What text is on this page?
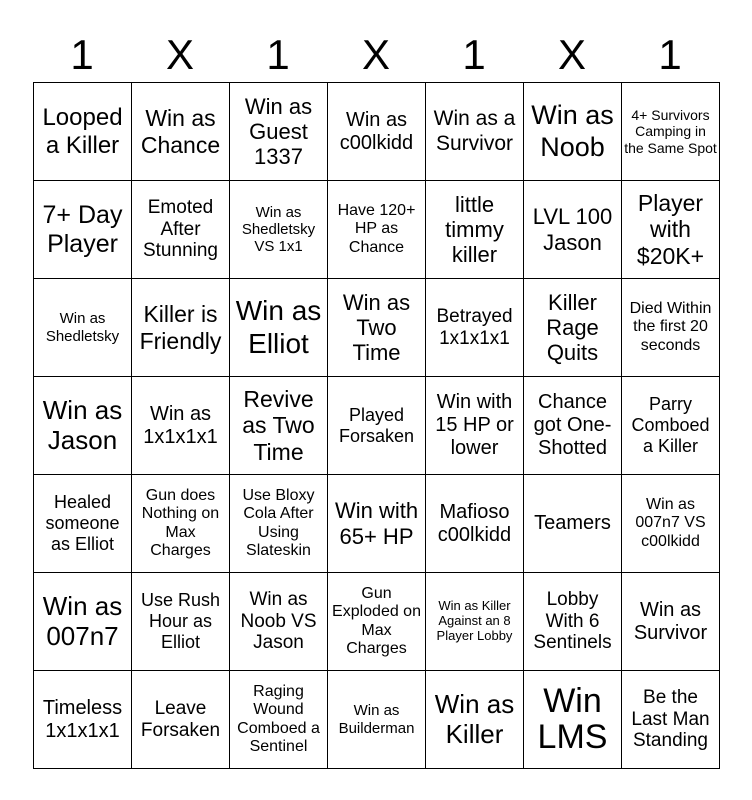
1	X	1	X	1	X	1
Looped a Killer
Win as Chance
Win as Guest 1337
Win as c00lkidd
Win as a Survivor
Win as Noob
4+ Survivors Camping in the Same Spot
7+ Day Player
Emoted After Stunning
Win as Shedletsky VS 1x1
Have 120+ HP as Chance
little timmy killer
LVL 100 Jason
Player with $20K+
Win as Shedletsky
Killer is Friendly
Win as Elliot
Win as Two Time
Betrayed 1x1x1x1
Killer Rage Quits
Died Within the first 20 seconds
Win as Jason
Win as 1x1x1x1
Revive as Two Time
Played Forsaken
Win with 15 HP or lower
Chance got One-Shotted
Parry Comboed a Killer
Healed someone as Elliot
Gun does Nothing on Max Charges
Use Bloxy Cola After Using Slateskin
Win with 65+ HP
Mafioso c00lkidd
Teamers
Win as 007n7 VS c00lkidd
Win as 007n7
Use Rush Hour as Elliot
Win as Noob VS Jason
Gun Exploded on Max Charges
Win as Killer Against an 8 Player Lobby
Lobby With 6 Sentinels
Win as Survivor
Timeless 1x1x1x1
Leave Forsaken
Raging Wound Comboed a Sentinel
Win as Builderman
Win as Killer
Win LMS
Be the Last Man Standing
